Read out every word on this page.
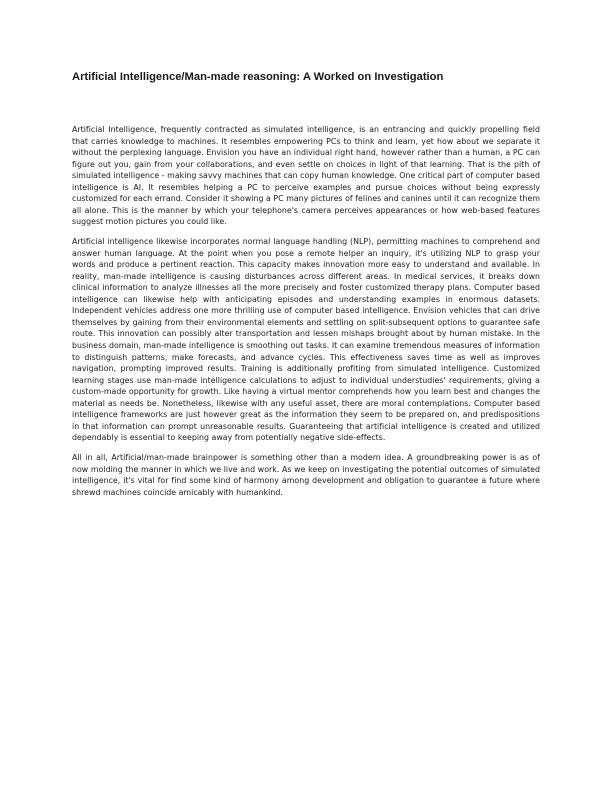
Artificial Intelligence/Man-made reasoning: A Worked on Investigation

Artificial Intelligence, frequently contracted as simulated intelligence, is an entrancing and quickly propelling field that carries knowledge to machines. It resembles empowering PCs to think and learn, yet how about we separate it without the perplexing language. Envision you have an individual right hand, however rather than a human, a PC can figure out you, gain from your collaborations, and even settle on choices in light of that learning. That is the pith of simulated intelligence - making savvy machines that can copy human knowledge. One critical part of computer based intelligence is AI. It resembles helping a PC to perceive examples and pursue choices without being expressly customized for each errand. Consider it showing a PC many pictures of felines and canines until it can recognize them all alone. This is the manner by which your telephone's camera perceives appearances or how web-based features suggest motion pictures you could like.

Artificial intelligence likewise incorporates normal language handling (NLP), permitting machines to comprehend and answer human language. At the point when you pose a remote helper an inquiry, it's utilizing NLP to grasp your words and produce a pertinent reaction. This capacity makes innovation more easy to understand and available. In reality, man-made intelligence is causing disturbances across different areas. In medical services, it breaks down clinical information to analyze illnesses all the more precisely and foster customized therapy plans. Computer based intelligence can likewise help with anticipating episodes and understanding examples in enormous datasets. Independent vehicles address one more thrilling use of computer based intelligence. Envision vehicles that can drive themselves by gaining from their environmental elements and settling on split-subsequent options to guarantee safe route. This innovation can possibly alter transportation and lessen mishaps brought about by human mistake. In the business domain, man-made intelligence is smoothing out tasks. It can examine tremendous measures of information to distinguish patterns, make forecasts, and advance cycles. This effectiveness saves time as well as improves navigation, prompting improved results. Training is additionally profiting from simulated intelligence. Customized learning stages use man-made intelligence calculations to adjust to individual understudies' requirements, giving a custom-made opportunity for growth. Like having a virtual mentor comprehends how you learn best and changes the material as needs be. Nonetheless, likewise with any useful asset, there are moral contemplations. Computer based intelligence frameworks are just however great as the information they seem to be prepared on, and predispositions in that information can prompt unreasonable results. Guaranteeing that artificial intelligence is created and utilized dependably is essential to keeping away from potentially negative side-effects.

All in all, Artificial/man-made brainpower is something other than a modern idea. A groundbreaking power is as of now molding the manner in which we live and work. As we keep on investigating the potential outcomes of simulated intelligence, it's vital for find some kind of harmony among development and obligation to guarantee a future where shrewd machines coincide amicably with humankind.
